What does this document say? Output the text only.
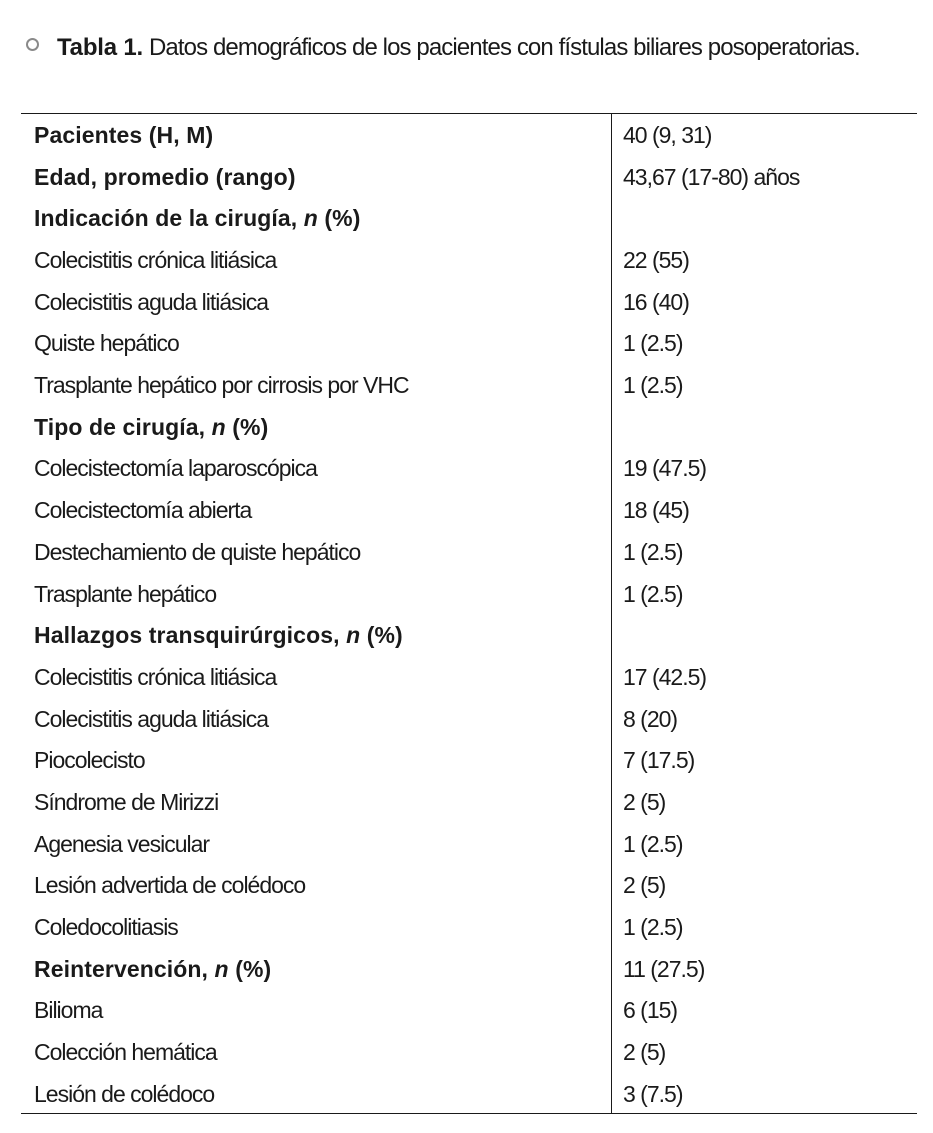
Tabla 1. Datos demográficos de los pacientes con fístulas biliares posoperatorias.
Pacientes (H, M)	40 (9, 31)
Edad, promedio (rango)	43,67 (17-80) años
Indicación de la cirugía, n (%)
Colecistitis crónica litiásica	22 (55)
Colecistitis aguda litiásica	16 (40)
Quiste hepático	1 (2.5)
Trasplante hepático por cirrosis por VHC	1 (2.5)
Tipo de cirugía, n (%)
Colecistectomía laparoscópica	19 (47.5)
Colecistectomía abierta	18 (45)
Destechamiento de quiste hepático	1 (2.5)
Trasplante hepático	1 (2.5)
Hallazgos transquirúrgicos, n (%)
Colecistitis crónica litiásica	17 (42.5)
Colecistitis aguda litiásica	8 (20)
Piocolecisto	7 (17.5)
Síndrome de Mirizzi	2 (5)
Agenesia vesicular	1 (2.5)
Lesión advertida de colédoco	2 (5)
Coledocolitiasis	1 (2.5)
Reintervención, n (%)	11 (27.5)
Bilioma	6 (15)
Colección hemática	2 (5)
Lesión de colédoco	3 (7.5)
